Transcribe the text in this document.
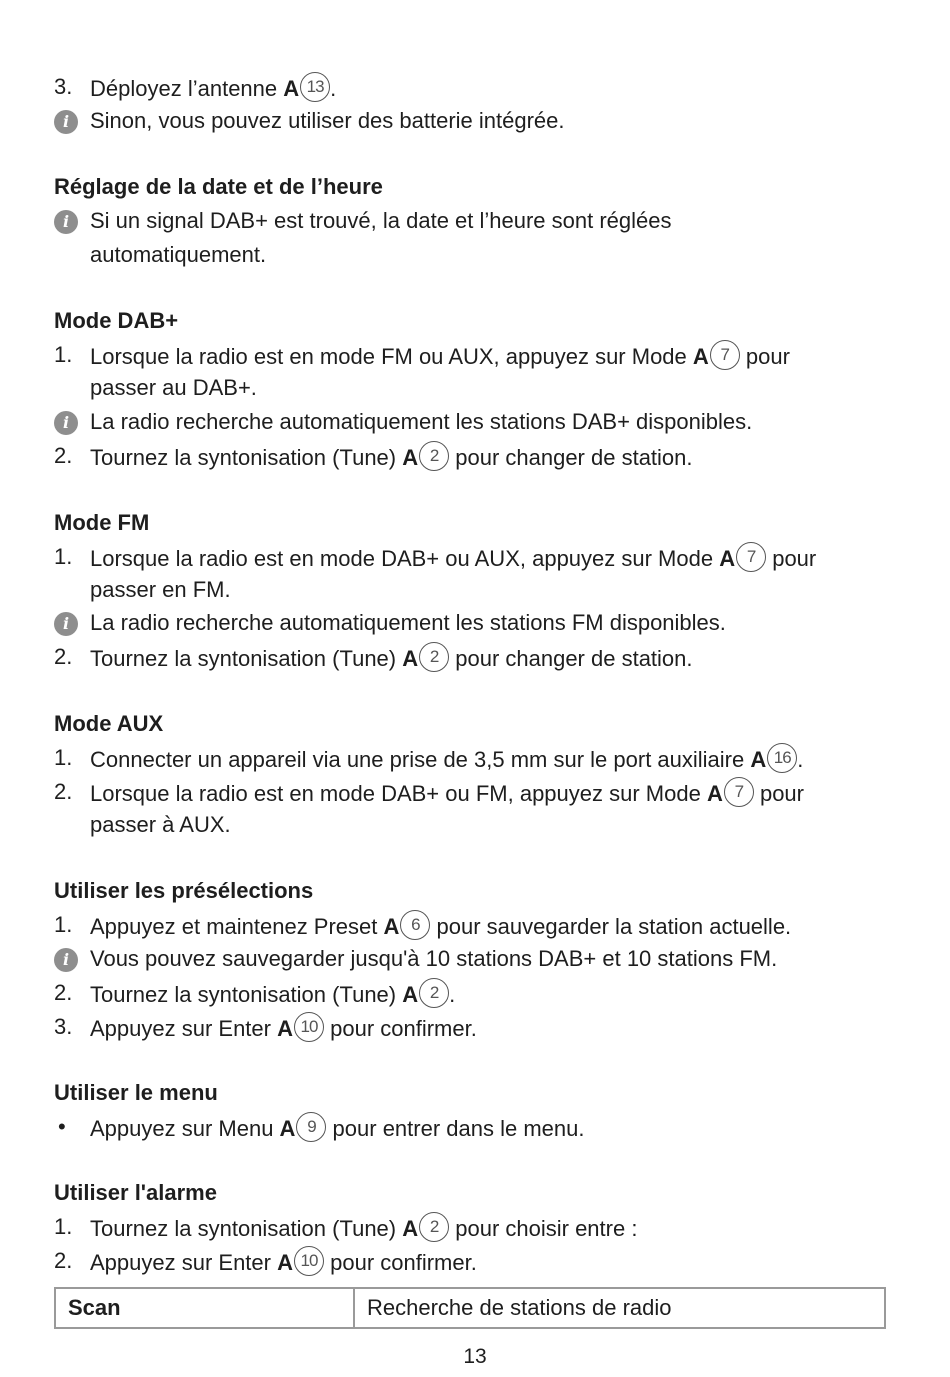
3. Déployez l’antenne A 13 .
i Sinon, vous pouvez utiliser des batterie intégrée.
Réglage de la date et de l’heure
i Si un signal DAB+ est trouvé, la date et l’heure sont réglées
automatiquement.
Mode DAB+
1. Lorsque la radio est en mode FM ou AUX, appuyez sur Mode A 7 pour
passer au DAB+.
i La radio recherche automatiquement les stations DAB+ disponibles.
2. Tournez la syntonisation (Tune) A 2 pour changer de station.
Mode FM
1. Lorsque la radio est en mode DAB+ ou AUX, appuyez sur Mode A 7 pour
passer en FM.
i La radio recherche automatiquement les stations FM disponibles.
2. Tournez la syntonisation (Tune) A 2 pour changer de station.
Mode AUX
1. Connecter un appareil via une prise de 3,5 mm sur le port auxiliaire A 16 .
2. Lorsque la radio est en mode DAB+ ou FM, appuyez sur Mode A 7 pour
passer à AUX.
Utiliser les présélections
1. Appuyez et maintenez Preset A 6 pour sauvegarder la station actuelle.
i Vous pouvez sauvegarder jusqu'à 10 stations DAB+ et 10 stations FM.
2. Tournez la syntonisation (Tune) A 2 .
3. Appuyez sur Enter A 10 pour confirmer.
Utiliser le menu
• Appuyez sur Menu A 9 pour entrer dans le menu.
Utiliser l'alarme
1. Tournez la syntonisation (Tune) A 2 pour choisir entre :
2. Appuyez sur Enter A 10 pour confirmer.
Scan	Recherche de stations de radio
13
